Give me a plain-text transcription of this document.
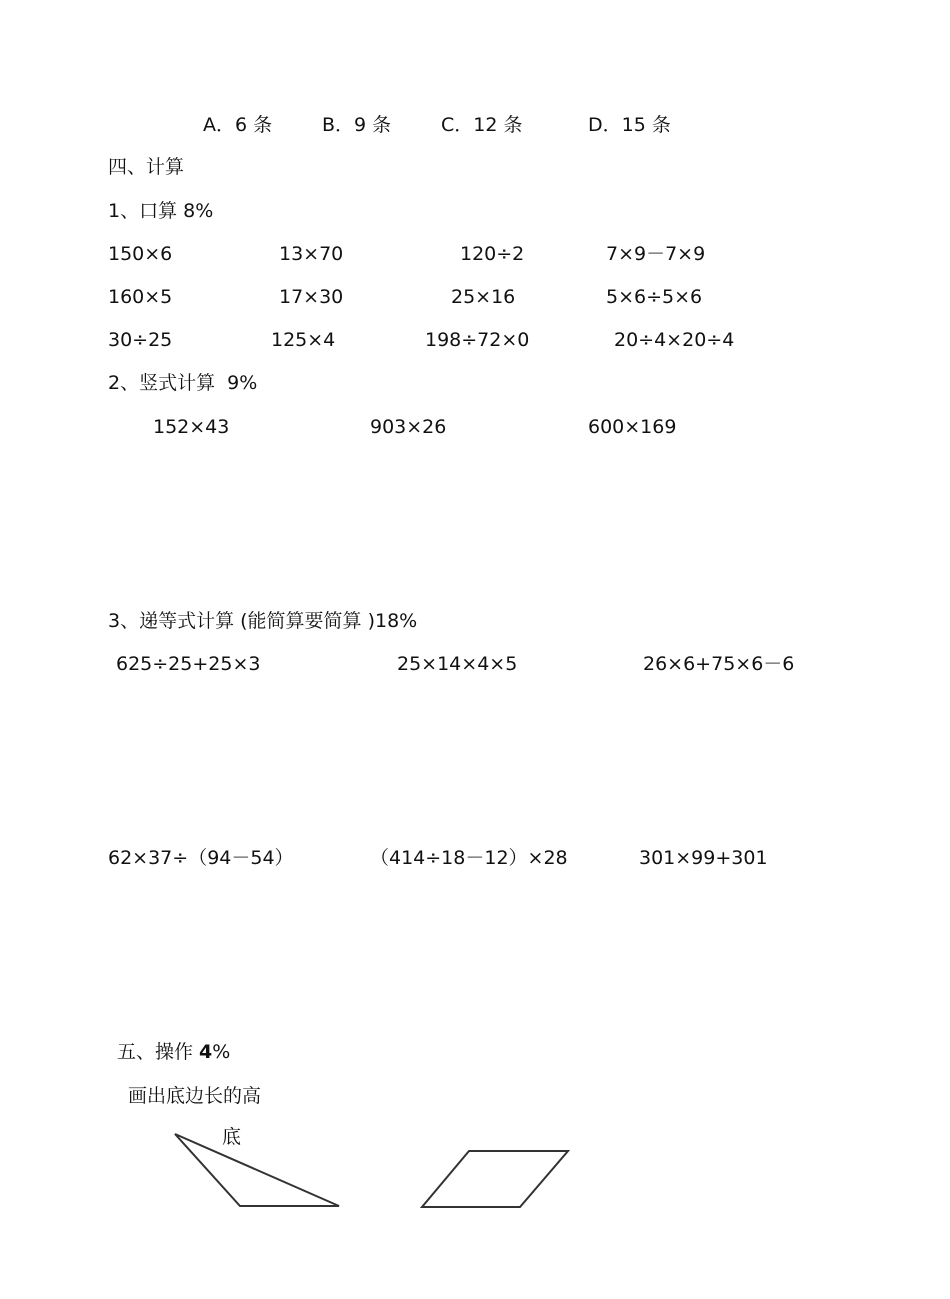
A．6 条	B．9 条	C．12 条	D．15 条
四、计算
1、口算 8%
150×6	13×70	120÷2	7×9－7×9
160×5	17×30	25×16	5×6÷5×6
30÷25	125×4	198÷72×0	20÷4×20÷4
2、竖式计算  9%
152×43	903×26	600×169
3、递等式计算 (能简算要简算 )18%
625÷25+25×3	25×14×4×5	26×6+75×6－6
62×37÷（94－54）	（414÷18－12）×28	301×99+301
五、操作 4%
画出底边长的高
底
